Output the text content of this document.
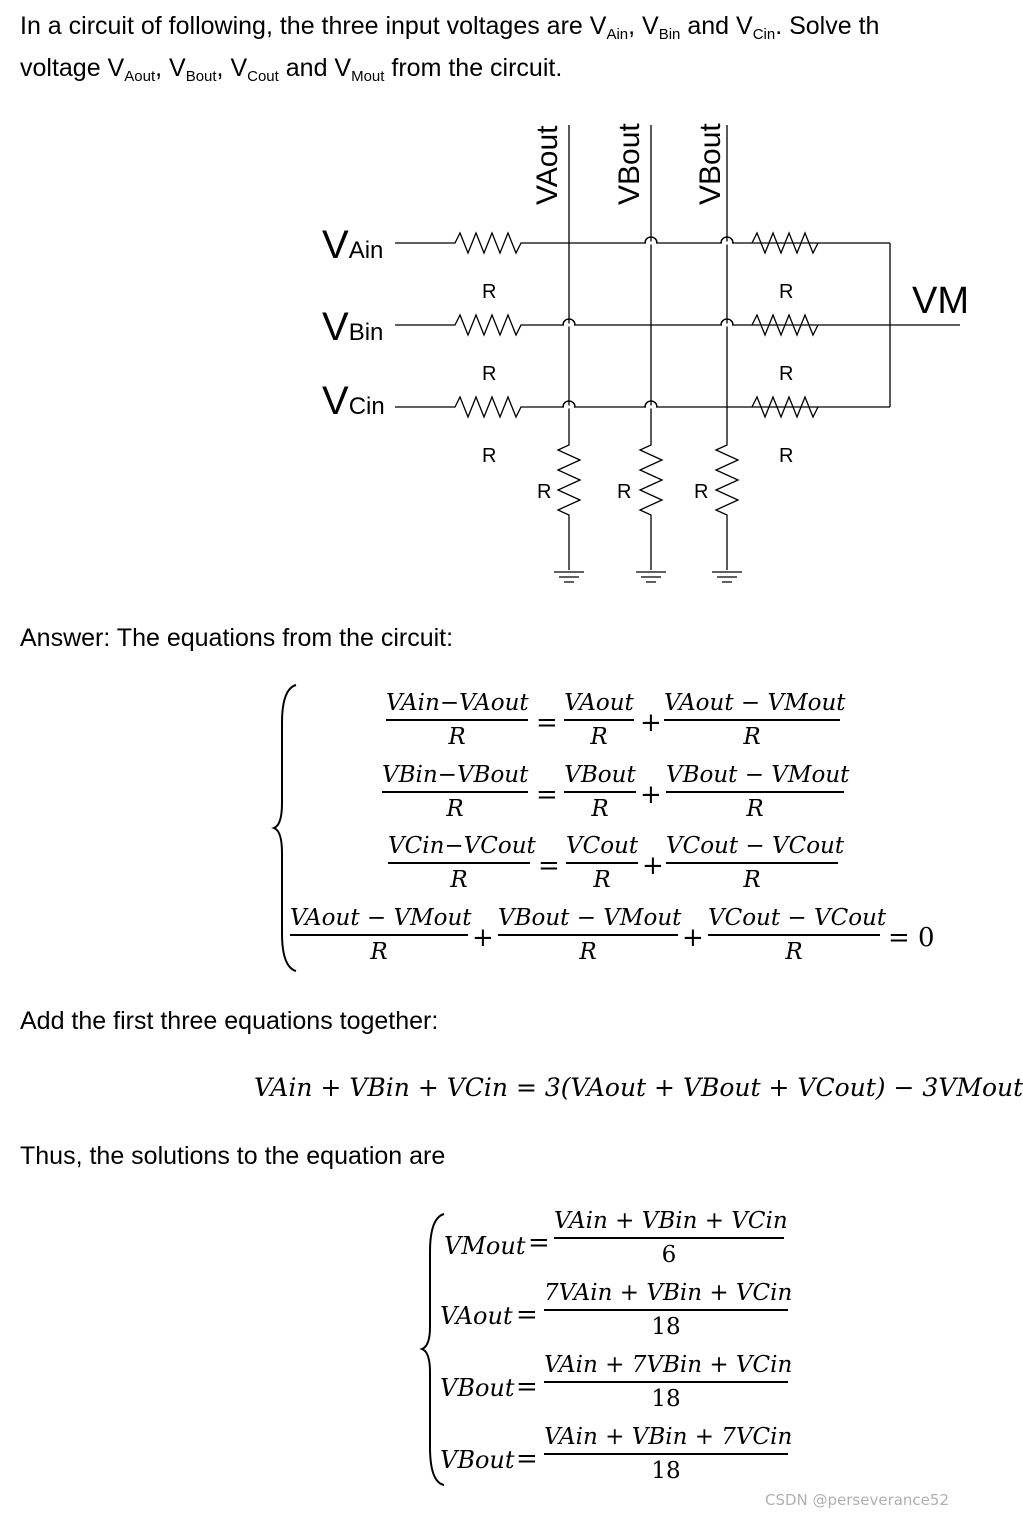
In a circuit of following, the three input voltages are $V_{Ain}$, $V_{Bin}$ and $V_{Cin}$. Solve th
voltage $V_{Aout}$, $V_{Bout}$, $V_{Cout}$ and $V_{Mout}$ from the circuit.
VAout VBout VBout
VAin
VBin
VCin
VM
R
R
R
R
R
R
R	R	R
Answer: The equations from the circuit:
VAin−VAout
R	=
VAout
R	+
VAout − VMout
R
VBin−VBout
R	=
VBout
R	+
VBout − VMout
R
VCin−VCout
R	=
VCout
R	+
VCout − VCout
R
VAout − VMout
R	+
VBout − VMout
R	+
VCout − VCout
R	= 0
Add the first three equations together:
VAin + VBin + VCin = 3(VAout + VBout + VCout) − 3VMout
Thus, the solutions to the equation are
VMout =
VAin + VBin + VCin
6
VAout =
7VAin + VBin + VCin
18
VBout =
VAin + 7VBin + VCin
18
VBout =
VAin + VBin + 7VCin
18
CSDN @perseverance52
